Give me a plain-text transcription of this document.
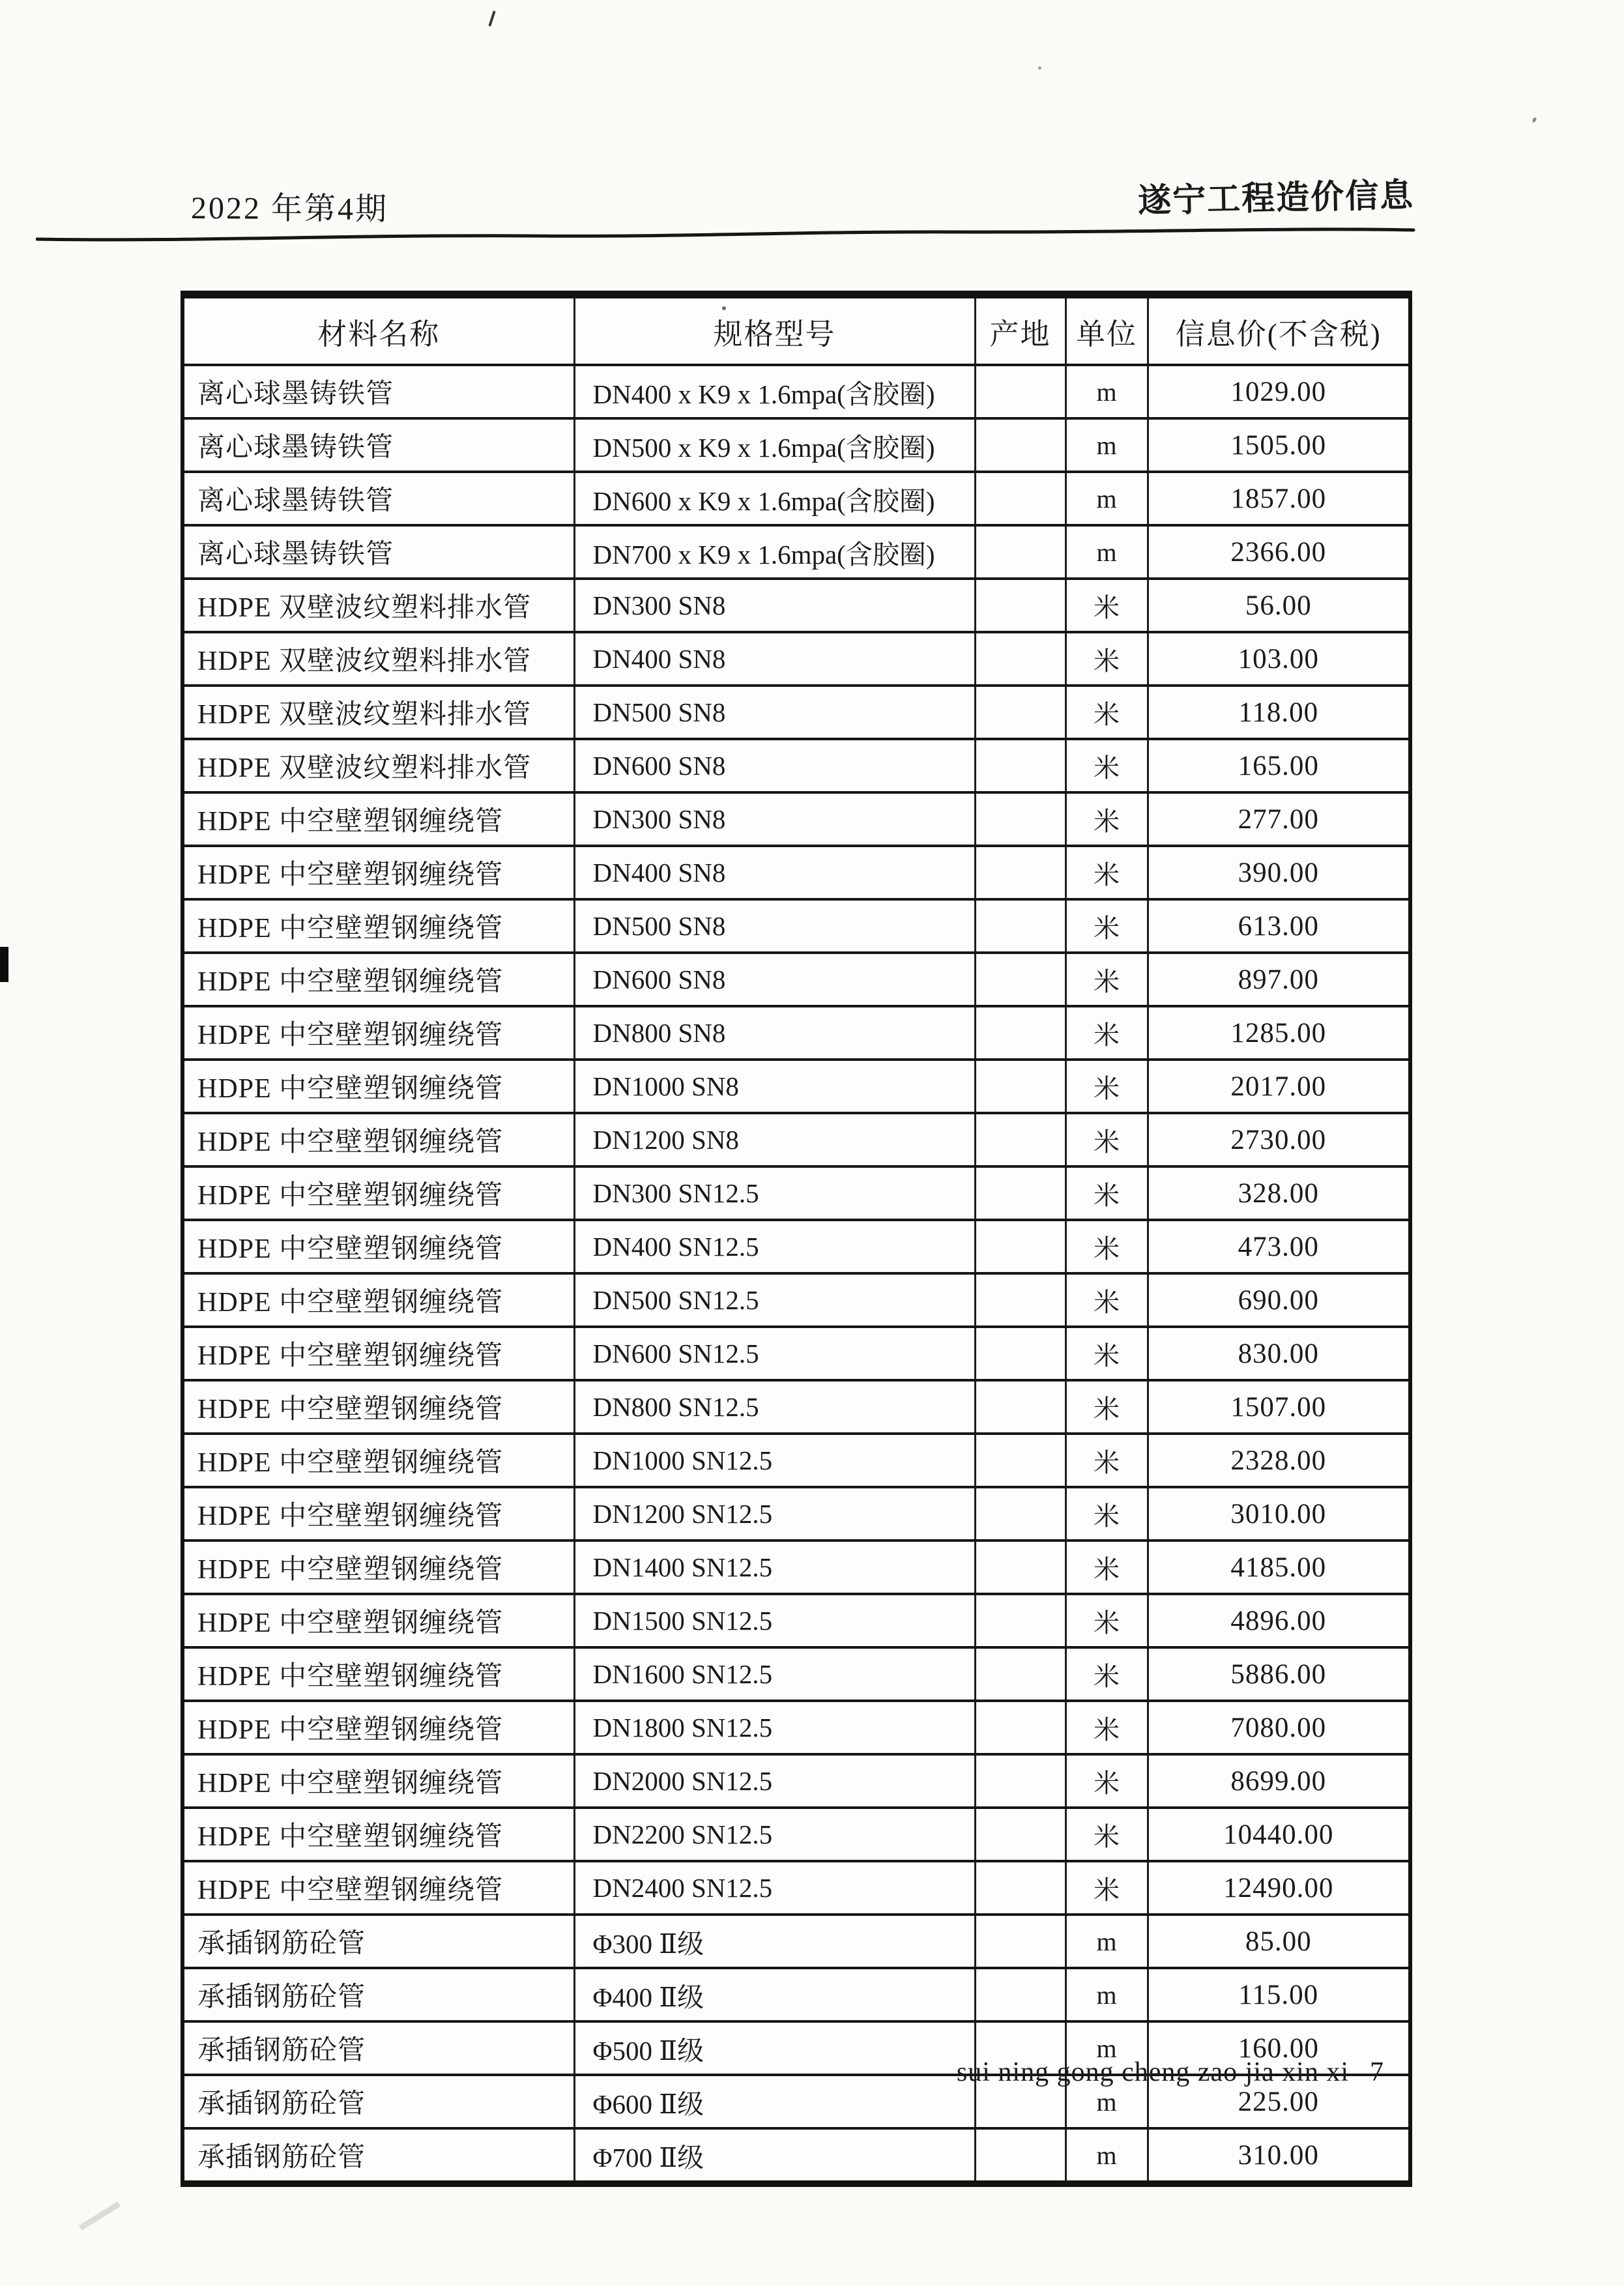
2022 年第4期	遂宁工程造价信息
材料名称	规格型号	产地	单位	信息价(不含税)
离心球墨铸铁管	DN400 x K9 x 1.6mpa(含胶圈)		m	1029.00
离心球墨铸铁管	DN500 x K9 x 1.6mpa(含胶圈)		m	1505.00
离心球墨铸铁管	DN600 x K9 x 1.6mpa(含胶圈)		m	1857.00
离心球墨铸铁管	DN700 x K9 x 1.6mpa(含胶圈)		m	2366.00
HDPE 双壁波纹塑料排水管	DN300 SN8		米	56.00
HDPE 双壁波纹塑料排水管	DN400 SN8		米	103.00
HDPE 双壁波纹塑料排水管	DN500 SN8		米	118.00
HDPE 双壁波纹塑料排水管	DN600 SN8		米	165.00
HDPE 中空壁塑钢缠绕管	DN300 SN8		米	277.00
HDPE 中空壁塑钢缠绕管	DN400 SN8		米	390.00
HDPE 中空壁塑钢缠绕管	DN500 SN8		米	613.00
HDPE 中空壁塑钢缠绕管	DN600 SN8		米	897.00
HDPE 中空壁塑钢缠绕管	DN800 SN8		米	1285.00
HDPE 中空壁塑钢缠绕管	DN1000 SN8		米	2017.00
HDPE 中空壁塑钢缠绕管	DN1200 SN8		米	2730.00
HDPE 中空壁塑钢缠绕管	DN300 SN12.5		米	328.00
HDPE 中空壁塑钢缠绕管	DN400 SN12.5		米	473.00
HDPE 中空壁塑钢缠绕管	DN500 SN12.5		米	690.00
HDPE 中空壁塑钢缠绕管	DN600 SN12.5		米	830.00
HDPE 中空壁塑钢缠绕管	DN800 SN12.5		米	1507.00
HDPE 中空壁塑钢缠绕管	DN1000 SN12.5		米	2328.00
HDPE 中空壁塑钢缠绕管	DN1200 SN12.5		米	3010.00
HDPE 中空壁塑钢缠绕管	DN1400 SN12.5		米	4185.00
HDPE 中空壁塑钢缠绕管	DN1500 SN12.5		米	4896.00
HDPE 中空壁塑钢缠绕管	DN1600 SN12.5		米	5886.00
HDPE 中空壁塑钢缠绕管	DN1800 SN12.5		米	7080.00
HDPE 中空壁塑钢缠绕管	DN2000 SN12.5		米	8699.00
HDPE 中空壁塑钢缠绕管	DN2200 SN12.5		米	10440.00
HDPE 中空壁塑钢缠绕管	DN2400 SN12.5		米	12490.00
承插钢筋砼管	Φ300 Ⅱ级		m	85.00
承插钢筋砼管	Φ400 Ⅱ级		m	115.00
承插钢筋砼管	Φ500 Ⅱ级		m	160.00
承插钢筋砼管	Φ600 Ⅱ级		m	225.00
承插钢筋砼管	Φ700 Ⅱ级		m	310.00
sui ning gong cheng zao jia xin xi 7
